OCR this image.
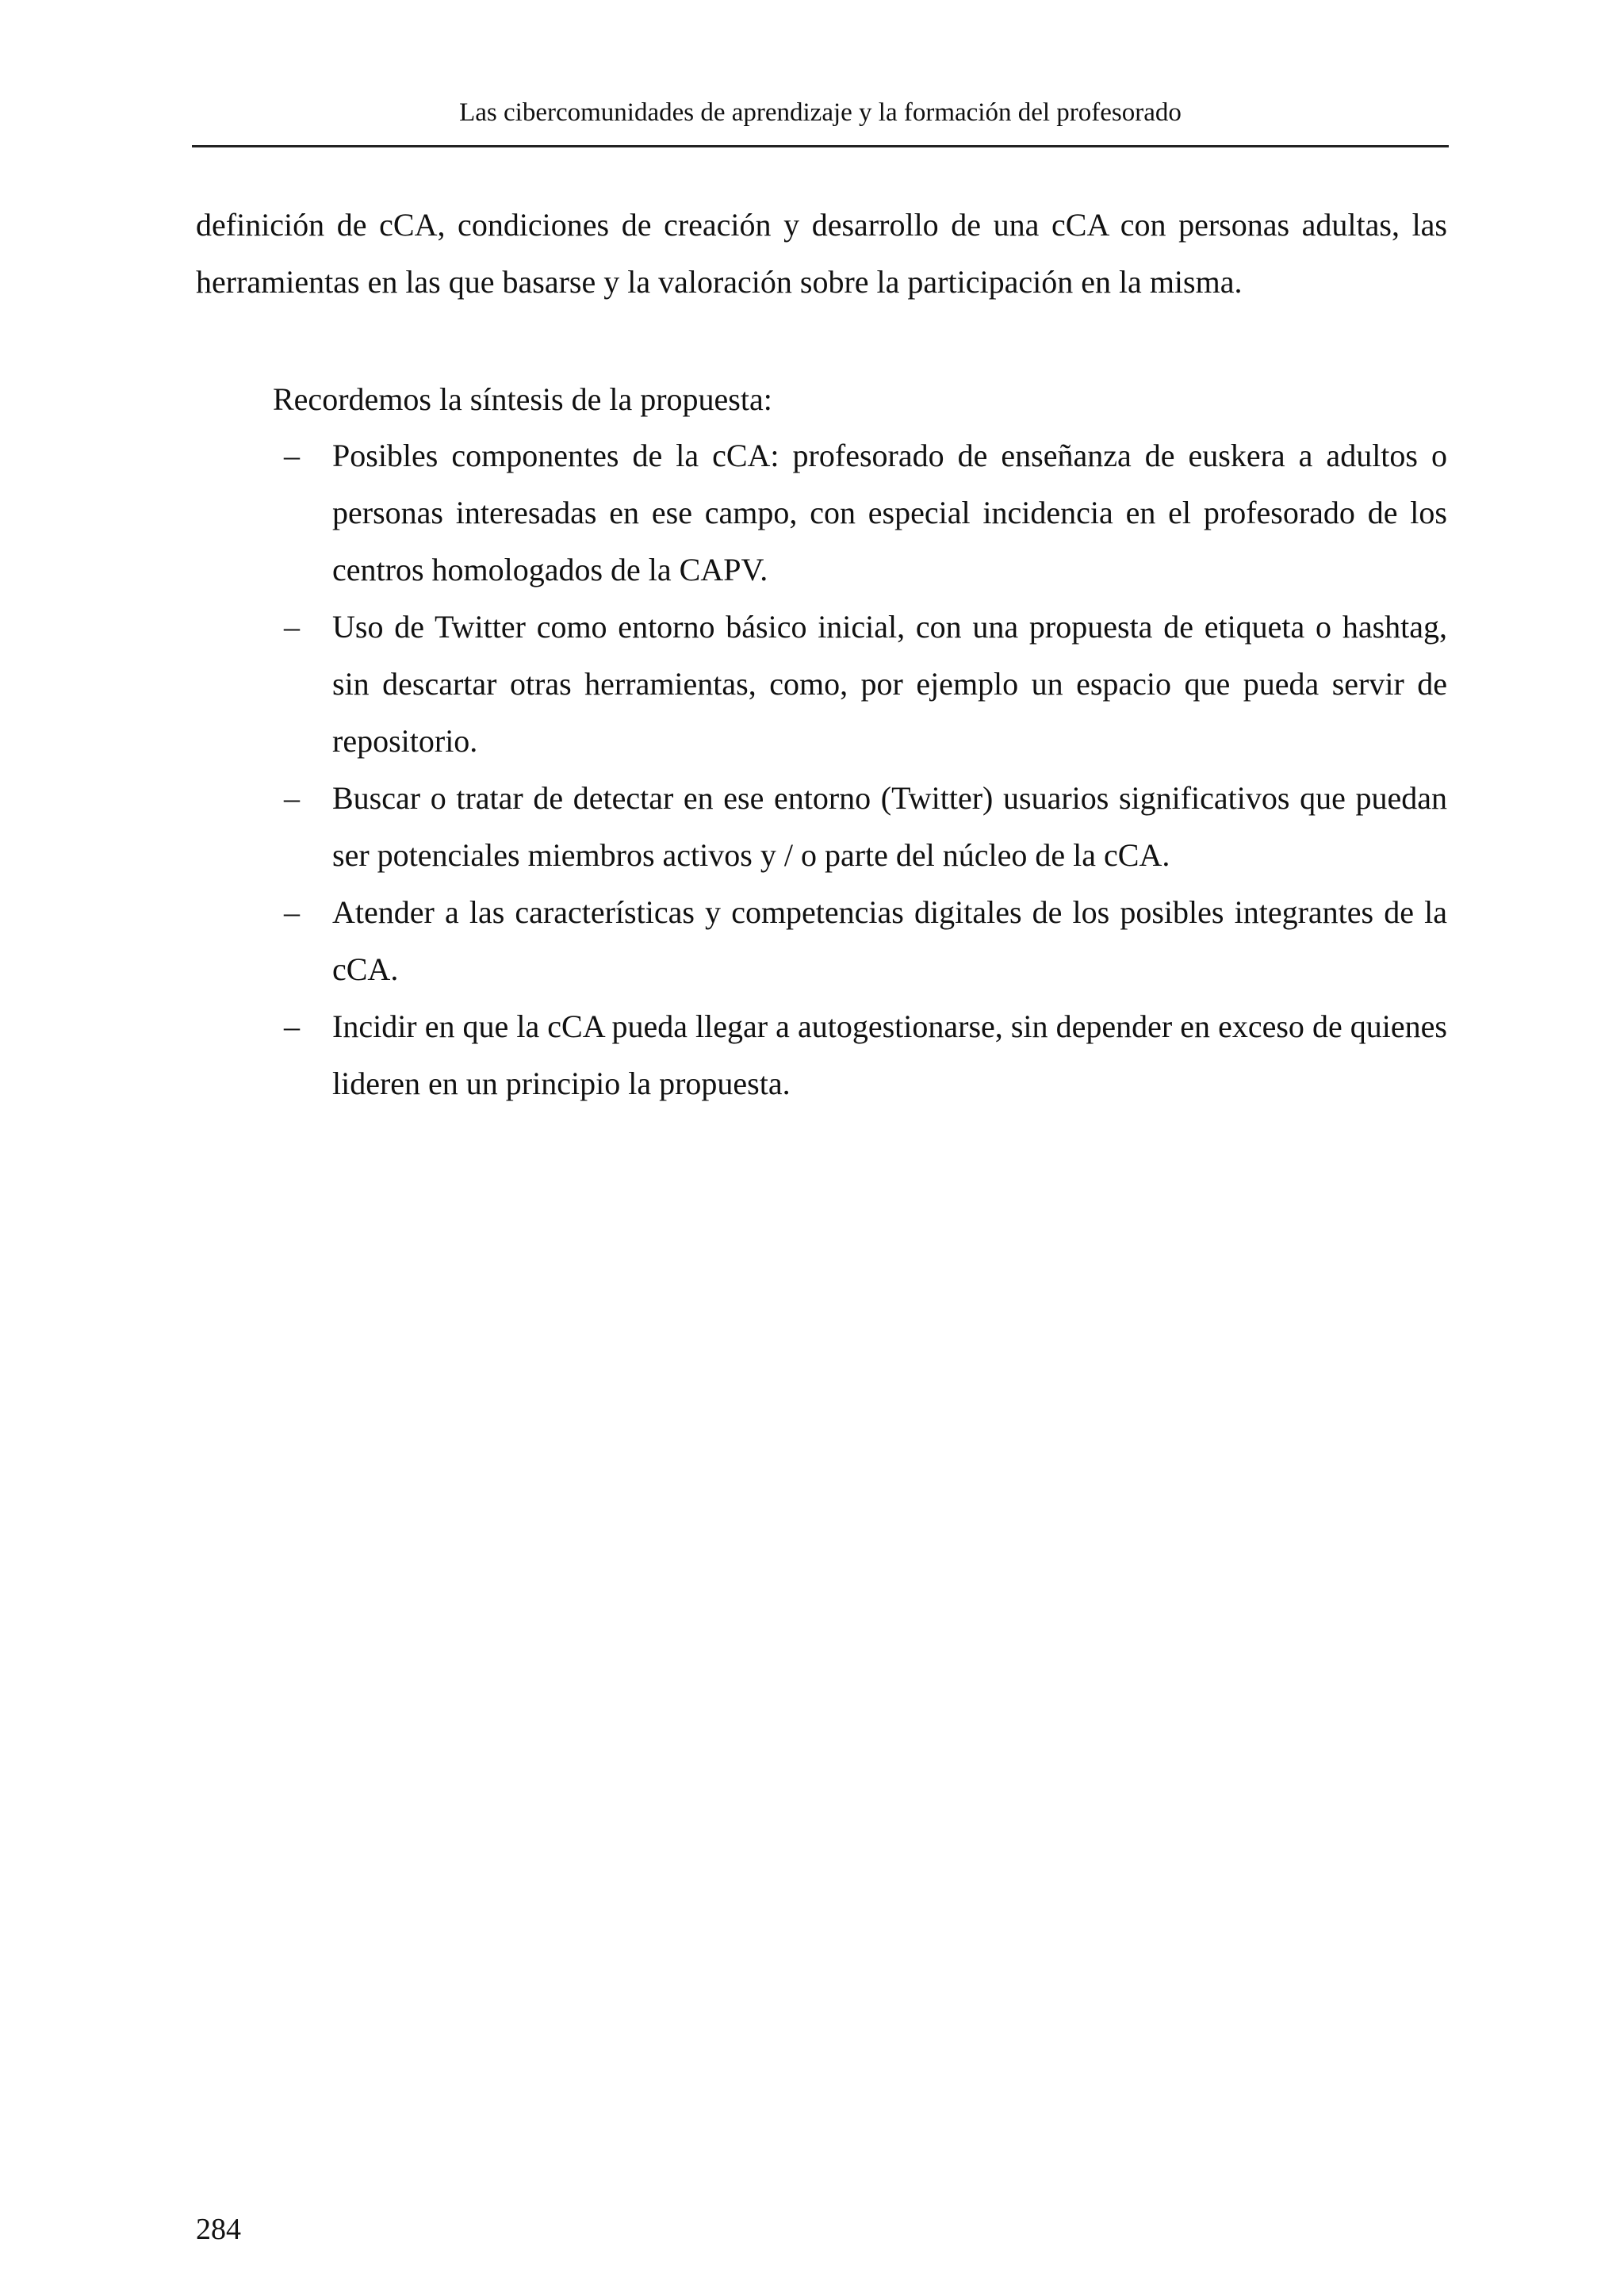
Las cibercomunidades de aprendizaje y la formación del profesorado

definición de cCA, condiciones de creación y desarrollo de una cCA con personas adultas, las herramientas en las que basarse y la valoración sobre la participación en la misma.

Recordemos la síntesis de la propuesta:

– Posibles componentes de la cCA: profesorado de enseñanza de euskera a adultos o personas interesadas en ese campo, con especial incidencia en el profesorado de los centros homologados de la CAPV.
– Uso de Twitter como entorno básico inicial, con una propuesta de etiqueta o hashtag, sin descartar otras herramientas, como, por ejemplo un espacio que pueda servir de repositorio.
– Buscar o tratar de detectar en ese entorno (Twitter) usuarios significativos que puedan ser potenciales miembros activos y / o parte del núcleo de la cCA.
– Atender a las características y competencias digitales de los posibles integrantes de la cCA.
– Incidir en que la cCA pueda llegar a autogestionarse, sin depender en exceso de quienes lideren en un principio la propuesta.

284
